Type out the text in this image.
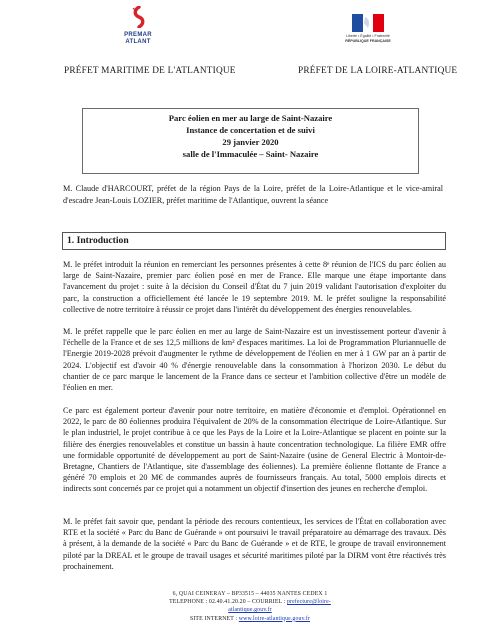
PREMAR ATLANT
Liberté • Égalité • Fraternité
RÉPUBLIQUE FRANÇAISE
PRÉFET MARITIME DE L'ATLANTIQUE	PRÉFET DE LA LOIRE-ATLANTIQUE
Parc éolien en mer au large de Saint-Nazaire
Instance de concertation et de suivi
29 janvier 2020
salle de l'Immaculée – Saint- Nazaire
M. Claude d'HARCOURT, préfet de la région Pays de la Loire, préfet de la Loire-Atlantique et le vice-amiral d'escadre Jean-Louis LOZIER, préfet maritime de l'Atlantique, ouvrent la séance
1. Introduction

M. le préfet introduit la réunion en remerciant les personnes présentes à cette 8ᵉ réunion de l'ICS du parc éolien au large de Saint-Nazaire, premier parc éolien posé en mer de France. Elle marque une étape importante dans l'avancement du projet : suite à la décision du Conseil d'État du 7 juin 2019 validant l'autorisation d'exploiter du parc, la construction a officiellement été lancée le 19 septembre 2019. M. le préfet souligne la responsabilité collective de notre territoire à réussir ce projet dans l'intérêt du développement des énergies renouvelables.

M. le préfet rappelle que le parc éolien en mer au large de Saint-Nazaire est un investissement porteur d'avenir à l'échelle de la France et de ses 12,5 millions de km² d'espaces maritimes. La loi de Programmation Pluriannuelle de l'Energie 2019-2028 prévoit d'augmenter le rythme de développement de l'éolien en mer à 1 GW par an à partir de 2024. L'objectif est d'avoir 40 % d'énergie renouvelable dans la consommation à l'horizon 2030. Le début du chantier de ce parc marque le lancement de la France dans ce secteur et l'ambition collective d'être un modèle de l'éolien en mer.

Ce parc est également porteur d'avenir pour notre territoire, en matière d'économie et d'emploi. Opérationnel en 2022, le parc de 80 éoliennes produira l'équivalent de 20% de la consommation électrique de Loire-Atlantique. Sur le plan industriel, le projet contribue à ce que les Pays de la Loire et la Loire-Atlantique se placent en pointe sur la filière des énergies renouvelables et constitue un bassin à haute concentration technologique. La filière EMR offre une formidable opportunité de développement au port de Saint-Nazaire (usine de General Electric à Montoir-de-Bretagne, Chantiers de l'Atlantique, site d'assemblage des éoliennes). La première éolienne flottante de France a généré 70 emplois et 20 M€ de commandes auprès de fournisseurs français. Au total, 5000 emplois directs et indirects sont concernés par ce projet qui a notamment un objectif d'insertion des jeunes en recherche d'emploi.

M. le préfet fait savoir que, pendant la période des recours contentieux, les services de l'État en collaboration avec RTE et la société « Parc du Banc de Guérande » ont poursuivi le travail préparatoire au démarrage des travaux. Dès à présent, à la demande de la société « Parc du Banc de Guérande » et de RTE, le groupe de travail environnement piloté par la DREAL et le groupe de travail usages et sécurité maritimes piloté par la DIRM vont être réactivés très prochainement.

6, QUAI CEINERAY – BP33515 – 44035 NANTES CEDEX 1
TELEPHONE : 02.40.41.20.20 – COURRIEL : prefecture@loire-atlantique.gouv.fr
SITE INTERNET : www.loire-atlantique.gouv.fr
